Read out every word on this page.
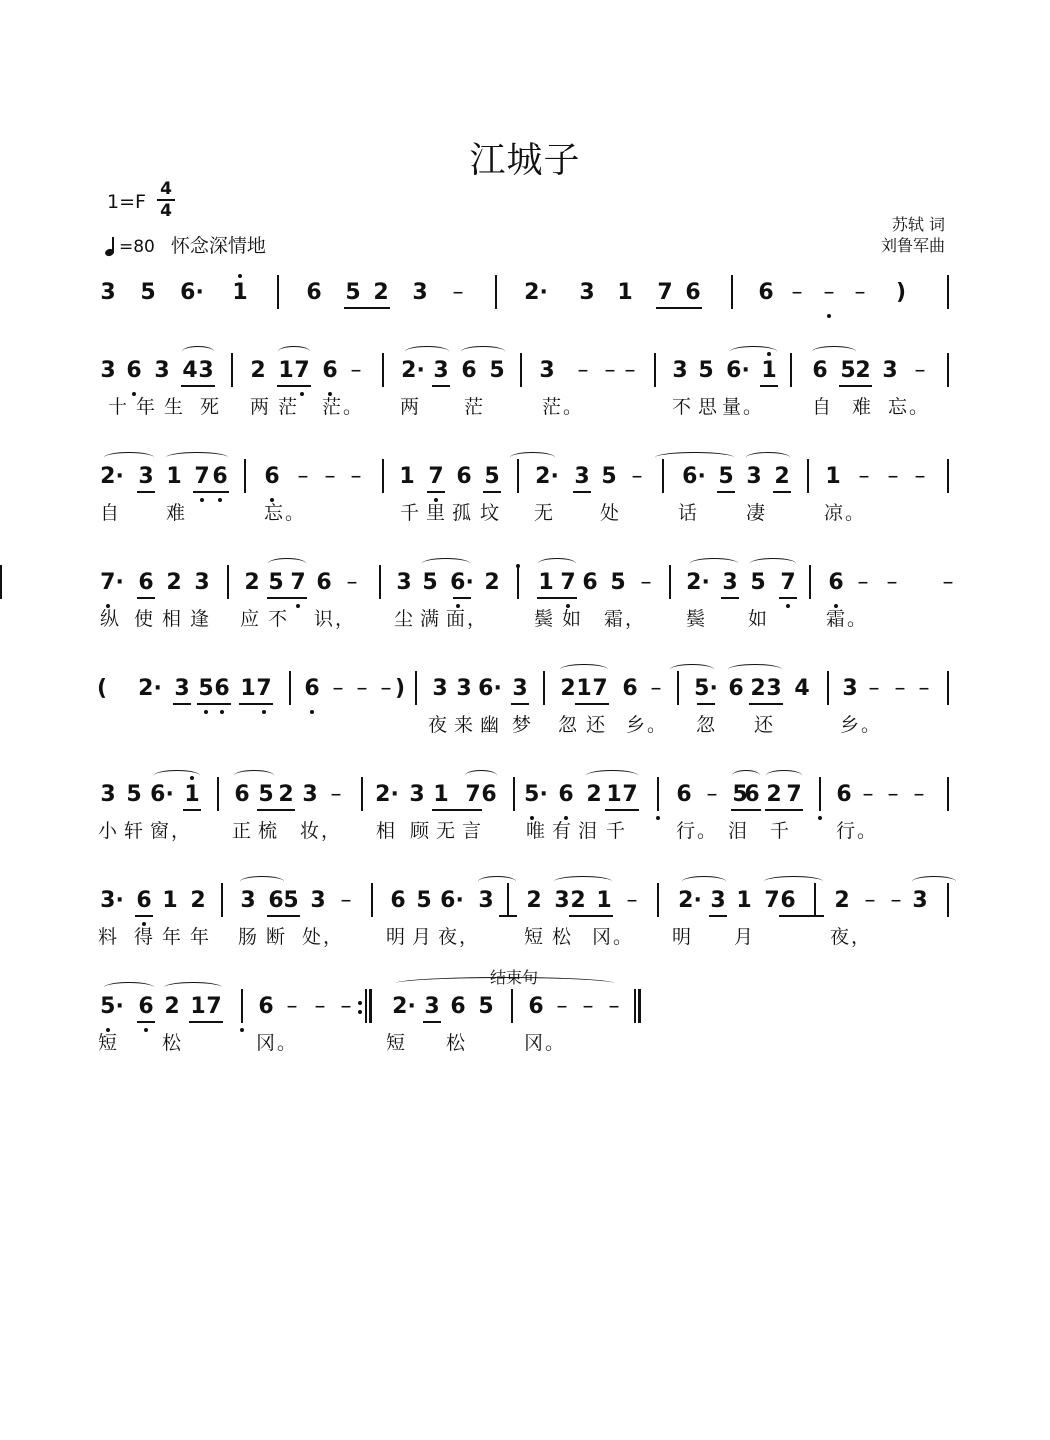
江城子
1=F
4
4
=80 怀念深情地
苏轼 词
刘鲁军曲
结束句
3 5 6· 1	6 5 2 3	–	2· 3 1 7 6	6 – – –	)
3 6 3 4 3 2 1 7 6 –	2· 3 6 5 3	– – –	3 5 6· 1 6 5 2 3 –
十 年 生 死 两 茫 茫。 两 茫	茫。	不 思 量。	自 难 忘。
2· 3 1 7 6 6 – – –	1 7 6 5 2· 3 5 –	6· 5 3 2 1 – – –
自 难	忘。	千 里 孤 坟 无 处	话 凄	凉。
7· 6 2 3 2 5 7 6 –	3 5 6· 2 1 7 6 5 –	2· 3 5 7 6 – –	–
纵 使 相 逢 应 不 识， 尘 满 面， 鬓 如 霜， 鬓 如	霜。
(	2· 3 5 6 1 7 6 – – – )	3 3 6· 3 2 1 7 6 –	5· 6 2 3 4 3 – – –
夜 来 幽 梦 忽 还 乡。 忽 还	乡。
3 5 6· 1 6 5 2 3 –	2· 3 1 7 6 5· 6 2 1 7 6 – 5
6 2 7 6 – – –
小 轩 窗， 正 梳 妆， 相 顾 无 言 唯 有 泪 千	行。 泪 千 行。
3· 6 1 2 3 6 5 3 –	6 5 6· 3 2 3 2 1 –	2· 3 1 7 6 2 – – 3
料 得 年 年 肠 断 处， 明 月 夜， 短 松 冈。 明 月	夜，
5· 6 2 1 7 6 – – –	2· 3 6 5 6 – – –
短 松	冈。	短 松	冈。
